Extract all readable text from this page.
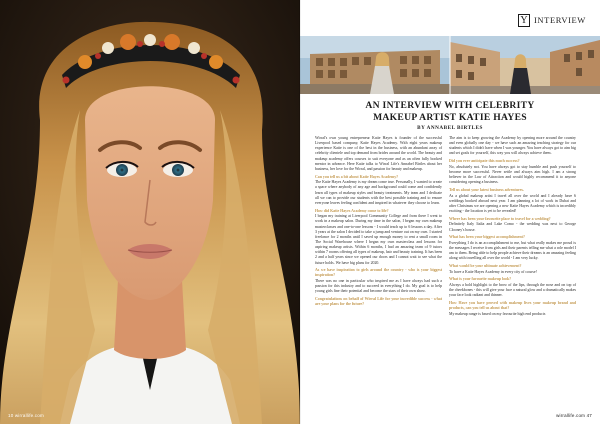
10 wirrallife.com
Y INTERVIEW
AN INTERVIEW WITH CELEBRITY
MAKEUP ARTIST KATIE HAYES
BY ANNABEL BIRTLES
Wirral's own young entrepreneur Katie Hayes is founder of the successful Liverpool based company, Katie Hayes Academy. With eight years makeup experience Katie is one of the best in the business, with an abundant array of celebrity clientele and top demand from brides around the world. The beauty and makeup academy offers courses to suit everyone and as an often fully booked mentor in advance. Here Katie talks to Wirral Life's Annabel Birtles about her business, her love for the Wirral, and passion for beauty and makeup.
Can you tell us a bit about Katie Hayes Academy?
The Katie Hayes Academy is my dream come true. Personally, I wanted to create a space where anybody of any age and background could come and confidently learn all types of makeup styles and beauty treatments. My team and I dedicate all we can to provide our students with the best possible training and to ensure everyone leaves feeling confident and inspired in whatever they choose to learn.
How did Katie Hayes Academy come to life?
I began my training at Liverpool Community College and from there I went to work in a makeup salon. During my time in the salon, I began my own makeup masterclasses and one-to-one lessons - I would teach up to 6 lessons a day. After 3 years at the salon I decided to take a jump and venture out on my own. I started freelance for 2 months until I saved up enough money to rent a small room in The Social Warehouse where I began my own masterclass and lessons for aspiring makeup artists. Within 6 months, I had an amazing team of 9 tutors within 7 rooms offering all types of makeup, hair and beauty training. It has been 2 and a half years since we opened our doors and I cannot wait to see what the future holds. We have big plans for 2020.
As we have inspiration to girls around the country - who is your biggest inspiration?
There was no one in particular who inspired me as I have always had such a passion for this industry and to succeed in everything I do. My goal is to help young girls fine their potential and become the stars of their own show.
Congratulations on behalf of Wirral Life for your incredible success - what are your plans for the future?
The aim is to keep growing the Academy by opening more around the country and even globally one day - we have such an amazing teaching strategy for our students which I didn't have when I was younger. You have always got to aim big and set goals for yourself, this way you will always achieve them.
Did you ever anticipate this much success?
No, absolutely not. You have always got to stay humble and push yourself to become more successful. Never settle and always aim high. I am a strong believer in the Law of Attraction and would highly recommend it to anyone considering opening a business.
Tell us about your latest business adventures.
As a global makeup artist I travel all over the world and I already have 6 weddings booked abroad next year. I am planning a lot of work in Dubai and after Christmas we are opening a new Katie Hayes Academy which is incredibly exciting - the location is yet to be revealed!
Where has been your favourite place to travel for a wedding?
Definitely Italy Italia and Lake Como - the wedding was next to George Clooney's house.
What has been your biggest accomplishment?
Everything I do is an accomplishment to me, but what really makes me proud is the messages I receive from girls and their parents telling me what a role model I am to them. Being able to help people achieve their dreams is an amazing feeling along with travelling all over the world - I am very lucky.
What would be your ultimate achievement?
To have a Katie Hayes Academy in every city of course!
What is your favourite makeup look?
Always a bold highlight to the brow of the lips, through the nose and on top of the cheekbones - this will give your face a natural glow and a dramatically makes your face look radiant and thinner.
How Have you have proved with makeup lives your makeup brand and products, can you tell us about that?
My makeup range is based on my favourite high end products
wirrallife.com 47
